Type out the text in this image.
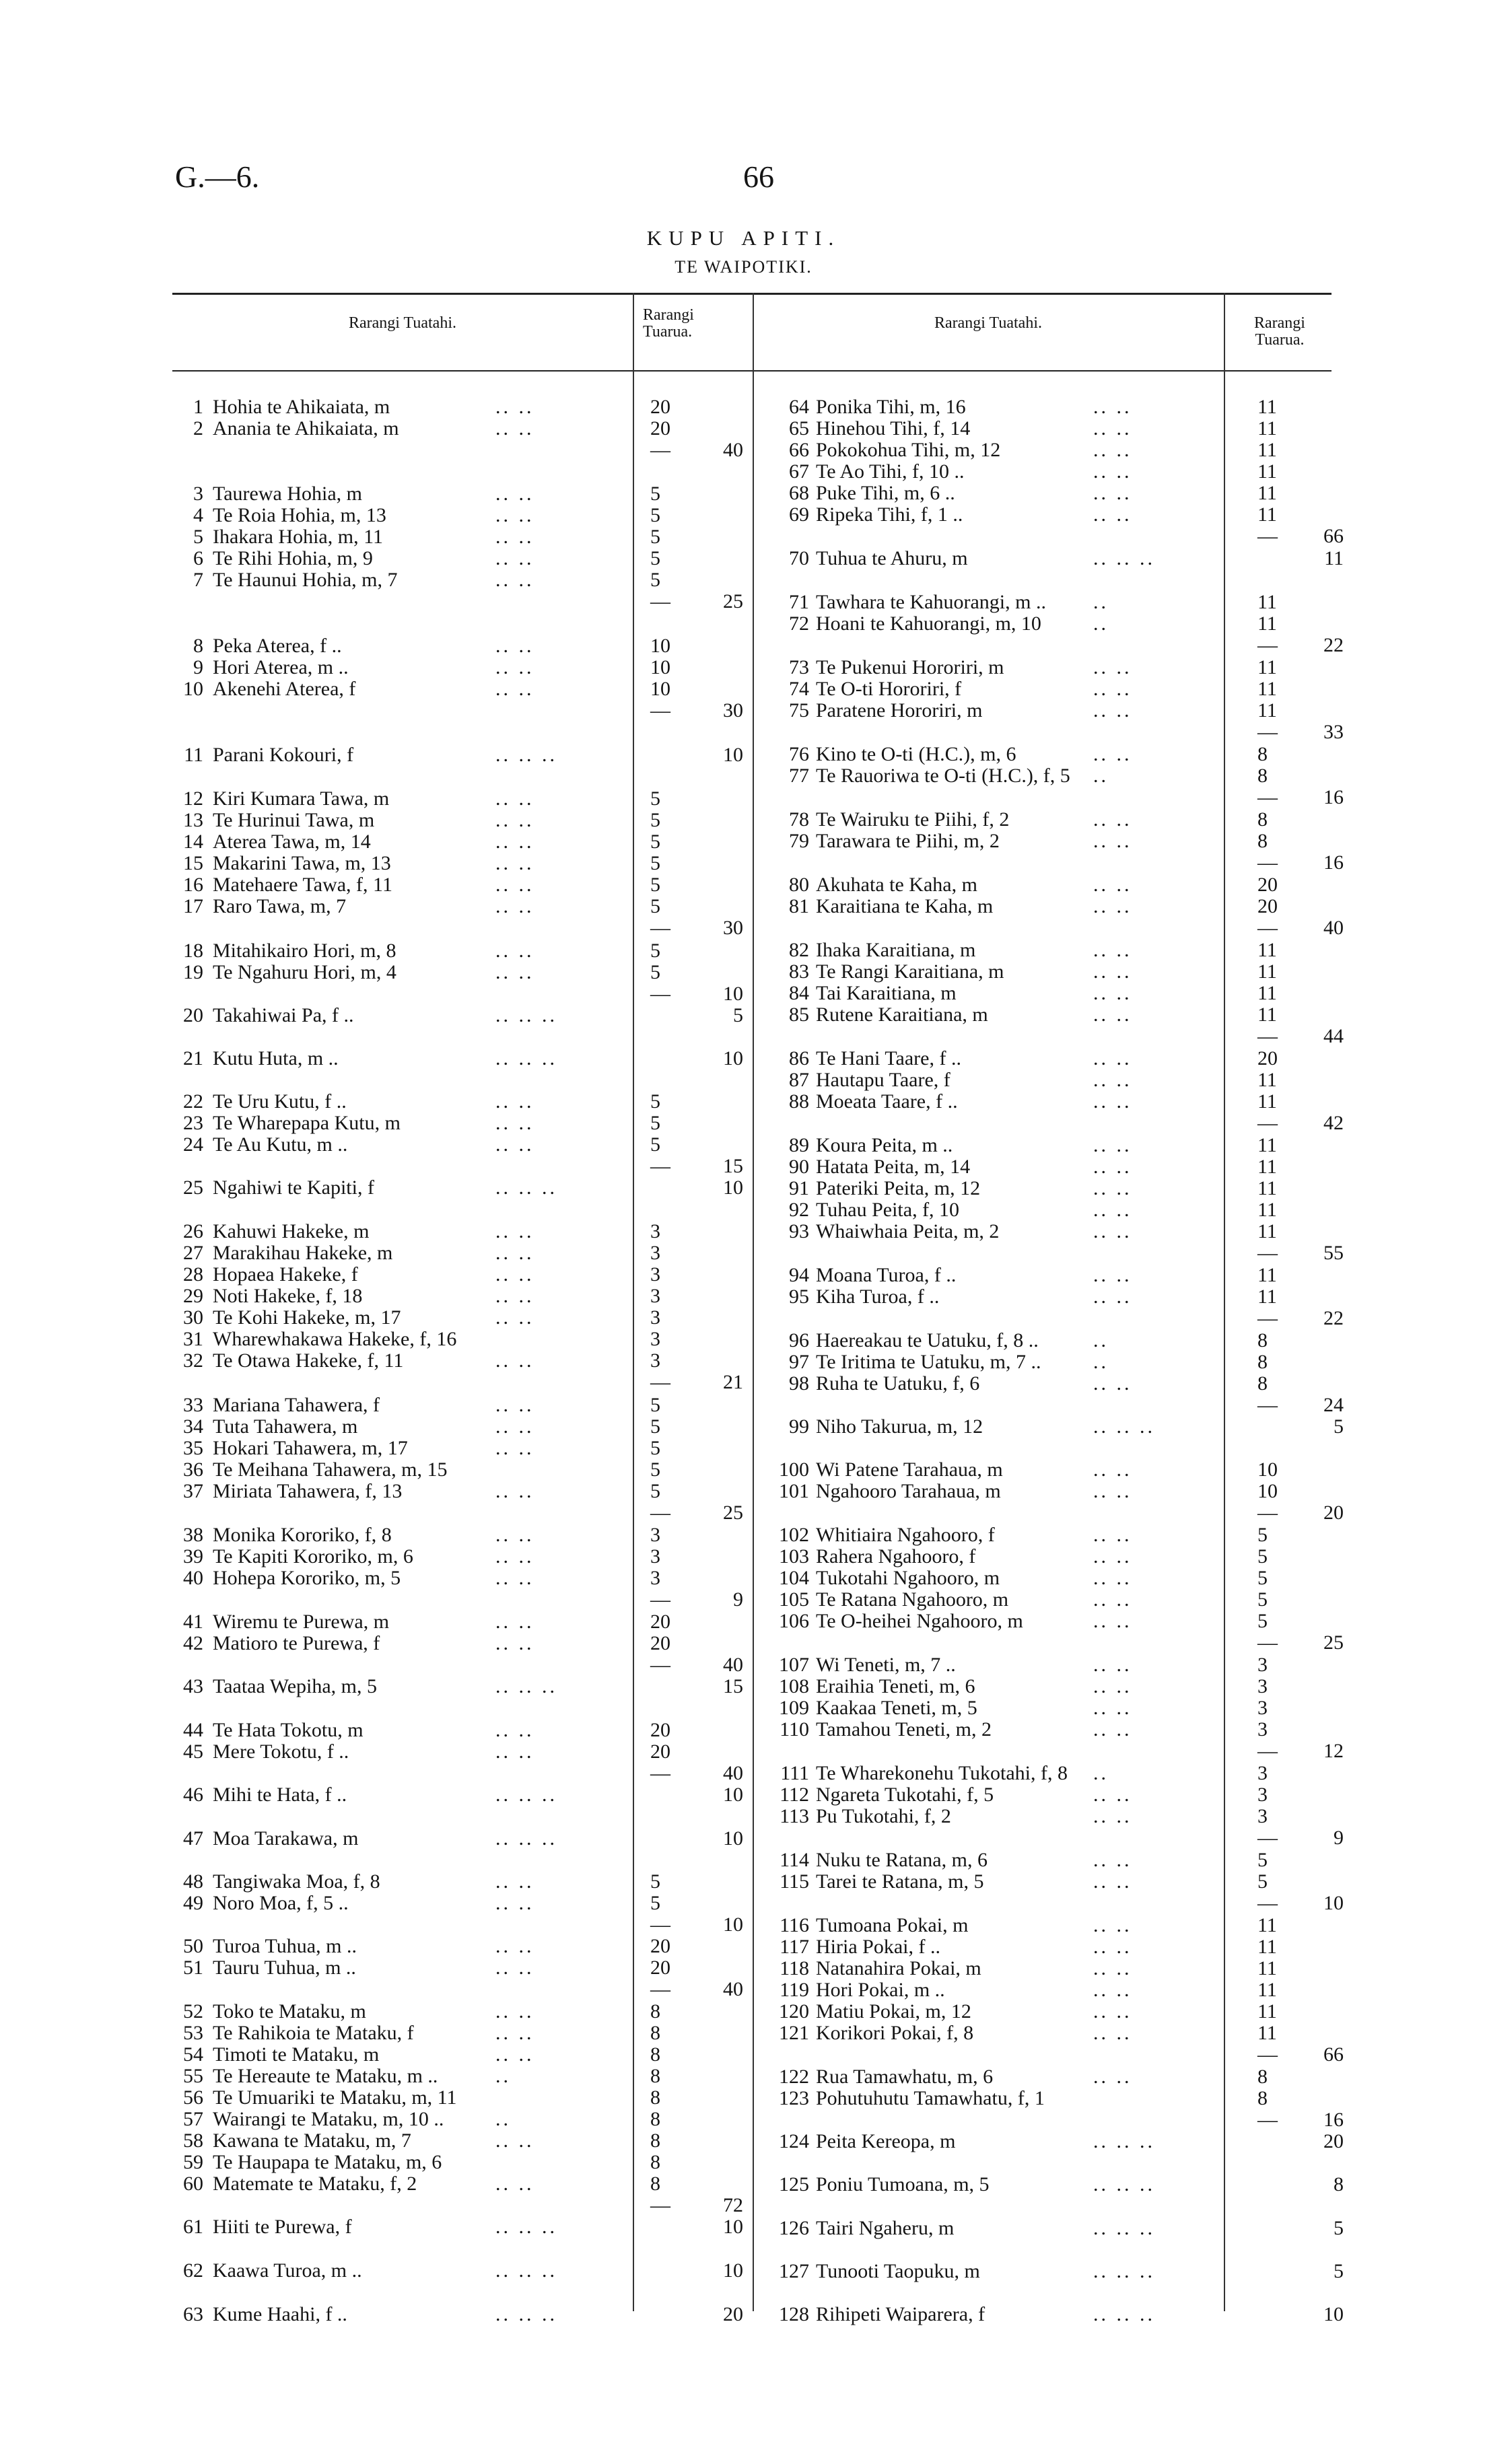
G.—6.	66
KUPU APITI.
TE WAIPOTIKI.
Rarangi Tuatahi.	Rarangi Tuarua.
Rarangi Tuatahi.	Rarangi Tuarua.
1 Hohia te Ahikaiata, m	.. ..	20
2 Anania te Ahikaiata, m	.. ..	20
—	40
3 Taurewa Hohia, m	.. ..	5
4 Te Roia Hohia, m, 13	.. ..	5
5 Ihakara Hohia, m, 11	.. ..	5
6 Te Rihi Hohia, m, 9	.. ..	5
7 Te Haunui Hohia, m, 7	.. ..	5
—	25
8 Peka Aterea, f ..	.. ..	10
9 Hori Aterea, m ..	.. ..	10
10 Akenehi Aterea, f	.. ..	10
—	30
11 Parani Kokouri, f	.. .. ..	10
12 Kiri Kumara Tawa, m	.. ..	5
13 Te Hurinui Tawa, m	.. ..	5
14 Aterea Tawa, m, 14	.. ..	5
15 Makarini Tawa, m, 13	.. ..	5
16 Matehaere Tawa, f, 11	.. ..	5
17 Raro Tawa, m, 7	.. ..	5
—	30
18 Mitahikairo Hori, m, 8	.. ..	5
19 Te Ngahuru Hori, m, 4	.. ..	5
—	10
20 Takahiwai Pa, f ..	.. .. ..	5
21 Kutu Huta, m ..	.. .. ..	10
22 Te Uru Kutu, f ..	.. ..	5
23 Te Wharepapa Kutu, m	.. ..	5
24 Te Au Kutu, m ..	.. ..	5
—	15
25 Ngahiwi te Kapiti, f	.. .. ..	10
26 Kahuwi Hakeke, m	.. ..	3
27 Marakihau Hakeke, m	.. ..	3
28 Hopaea Hakeke, f	.. ..	3
29 Noti Hakeke, f, 18	.. ..	3
30 Te Kohi Hakeke, m, 17	.. ..	3
31 Wharewhakawa Hakeke, f, 16	3
32 Te Otawa Hakeke, f, 11	.. ..	3
—	21
33 Mariana Tahawera, f	.. ..	5
34 Tuta Tahawera, m	.. ..	5
35 Hokari Tahawera, m, 17	.. ..	5
36 Te Meihana Tahawera, m, 15	5
37 Miriata Tahawera, f, 13	.. ..	5
—	25
38 Monika Kororiko, f, 8	.. ..	3
39 Te Kapiti Kororiko, m, 6	.. ..	3
40 Hohepa Kororiko, m, 5	.. ..	3
—	9
41 Wiremu te Purewa, m	.. ..	20
42 Matioro te Purewa, f	.. ..	20
—	40
43 Taataa Wepiha, m, 5	.. .. ..	15
44 Te Hata Tokotu, m	.. ..	20
45 Mere Tokotu, f ..	.. ..	20
—	40
46 Mihi te Hata, f ..	.. .. ..	10
47 Moa Tarakawa, m	.. .. ..	10
48 Tangiwaka Moa, f, 8	.. ..	5
49 Noro Moa, f, 5 ..	.. ..	5
—	10
50 Turoa Tuhua, m ..	.. ..	20
51 Tauru Tuhua, m ..	.. ..	20
—	40
52 Toko te Mataku, m	.. ..	8
53 Te Rahikoia te Mataku, f	.. ..	8
54 Timoti te Mataku, m	.. ..	8
55 Te Hereaute te Mataku, m ..	..	8
56 Te Umuariki te Mataku, m, 11	8
57 Wairangi te Mataku, m, 10 ..	..	8
58 Kawana te Mataku, m, 7	.. ..	8
59 Te Haupapa te Mataku, m, 6	8
60 Matemate te Mataku, f, 2	.. ..	8
—	72
61 Hiiti te Purewa, f	.. .. ..	10
62 Kaawa Turoa, m ..	.. .. ..	10
63 Kume Haahi, f ..	.. .. ..	20
64 Ponika Tihi, m, 16	.. ..	11
65 Hinehou Tihi, f, 14	.. ..	11
66 Pokokohua Tihi, m, 12	.. ..	11
67 Te Ao Tihi, f, 10 ..	.. ..	11
68 Puke Tihi, m, 6 ..	.. ..	11
69 Ripeka Tihi, f, 1 ..	.. ..	11
—	66
70 Tuhua te Ahuru, m	.. .. ..	11
71 Tawhara te Kahuorangi, m .. ..	11
72 Hoani te Kahuorangi, m, 10	..	11
—	22
73 Te Pukenui Hororiri, m	.. ..	11
74 Te O-ti Hororiri, f	.. ..	11
75 Paratene Hororiri, m	.. ..	11
—	33
76 Kino te O-ti (H.C.), m, 6	.. ..	8
77 Te Rauoriwa te O-ti (H.C.), f, 5 ..	8
—	16
78 Te Wairuku te Piihi, f, 2	.. ..	8
79 Tarawara te Piihi, m, 2	.. ..	8
—	16
80 Akuhata te Kaha, m	.. ..	20
81 Karaitiana te Kaha, m	.. ..	20
—	40
82 Ihaka Karaitiana, m	.. ..	11
83 Te Rangi Karaitiana, m	.. ..	11
84 Tai Karaitiana, m	.. ..	11
85 Rutene Karaitiana, m	.. ..	11
—	44
86 Te Hani Taare, f ..	.. ..	20
87 Hautapu Taare, f	.. ..	11
88 Moeata Taare, f ..	.. ..	11
—	42
89 Koura Peita, m ..	.. ..	11
90 Hatata Peita, m, 14	.. ..	11
91 Pateriki Peita, m, 12	.. ..	11
92 Tuhau Peita, f, 10	.. ..	11
93 Whaiwhaia Peita, m, 2	.. ..	11
—	55
94 Moana Turoa, f ..	.. ..	11
95 Kiha Turoa, f ..	.. ..	11
—	22
96 Haereakau te Uatuku, f, 8 ..	..	8
97 Te Iritima te Uatuku, m, 7 ..	..	8
98 Ruha te Uatuku, f, 6	.. ..	8
—	24
99 Niho Takurua, m, 12	.. .. ..	5
100 Wi Patene Tarahaua, m	.. ..	10
101 Ngahooro Tarahaua, m	.. ..	10
—	20
102 Whitiaira Ngahooro, f	.. ..	5
103 Rahera Ngahooro, f	.. ..	5
104 Tukotahi Ngahooro, m	.. ..	5
105 Te Ratana Ngahooro, m	.. ..	5
106 Te O-heihei Ngahooro, m	.. ..	5
—	25
107 Wi Teneti, m, 7 ..	.. ..	3
108 Eraihia Teneti, m, 6	.. ..	3
109 Kaakaa Teneti, m, 5	.. ..	3
110 Tamahou Teneti, m, 2	.. ..	3
—	12
111 Te Wharekonehu Tukotahi, f, 8 ..	3
112 Ngareta Tukotahi, f, 5	.. ..	3
113 Pu Tukotahi, f, 2	.. ..	3
—	9
114 Nuku te Ratana, m, 6	.. ..	5
115 Tarei te Ratana, m, 5	.. ..	5
—	10
116 Tumoana Pokai, m	.. ..	11
117 Hiria Pokai, f ..	.. ..	11
118 Natanahira Pokai, m	.. ..	11
119 Hori Pokai, m ..	.. ..	11
120 Matiu Pokai, m, 12	.. ..	11
121 Korikori Pokai, f, 8	.. ..	11
—	66
122 Rua Tamawhatu, m, 6	.. ..	8
123 Pohutuhutu Tamawhatu, f, 1	8
—	16
124 Peita Kereopa, m	.. .. ..	20
125 Poniu Tumoana, m, 5	.. .. ..	8
126 Tairi Ngaheru, m	.. .. ..	5
127 Tunooti Taopuku, m	.. .. ..	5
128 Rihipeti Waiparera, f	.. .. ..	10
